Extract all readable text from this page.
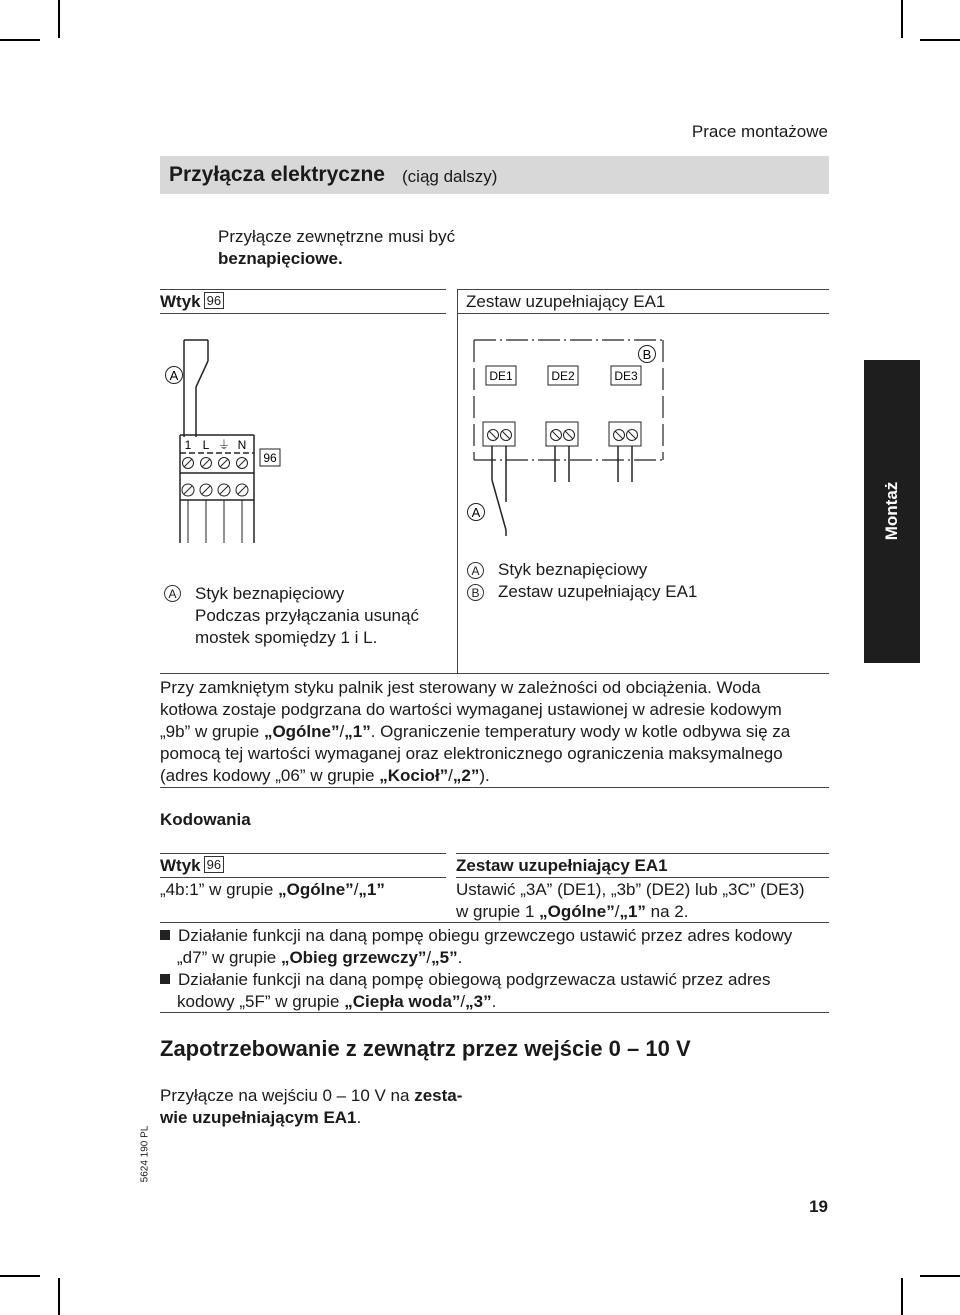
Prace montażowe
Przyłącza elektryczne (ciąg dalszy)
Przyłącze zewnętrzne musi być
beznapięciowe.
Wtyk 96	Zestaw uzupełniający EA1
A
1 L ⏚ N
96
DE1	DE2	DE3
B
A
A Styk beznapięciowy
Podczas przyłączania usunąć
mostek spomiędzy 1 i L.
A Styk beznapięciowy
B Zestaw uzupełniający EA1
Przy zamkniętym styku palnik jest sterowany w zależności od obciążenia. Woda
kotłowa zostaje podgrzana do wartości wymaganej ustawionej w adresie kodowym
„9b” w grupie „Ogólne”/„1”. Ograniczenie temperatury wody w kotle odbywa się za
pomocą tej wartości wymaganej oraz elektronicznego ograniczenia maksymalnego
(adres kodowy „06” w grupie „Kocioł”/„2”).
Kodowania
Wtyk 96	Zestaw uzupełniający EA1
„4b:1” w grupie „Ogólne”/„1”	Ustawić „3A” (DE1), „3b” (DE2) lub „3C” (DE3)
w grupie 1 „Ogólne”/„1” na 2.
Działanie funkcji na daną pompę obiegu grzewczego ustawić przez adres kodowy
„d7” w grupie „Obieg grzewczy”/„5”.
Działanie funkcji na daną pompę obiegową podgrzewacza ustawić przez adres
kodowy „5F” w grupie „Ciepła woda”/„3”.
Zapotrzebowanie z zewnątrz przez wejście 0 – 10 V
Przyłącze na wejściu 0 – 10 V na zesta-
wie uzupełniającym EA1.
Montaż
5624 190 PL
19
